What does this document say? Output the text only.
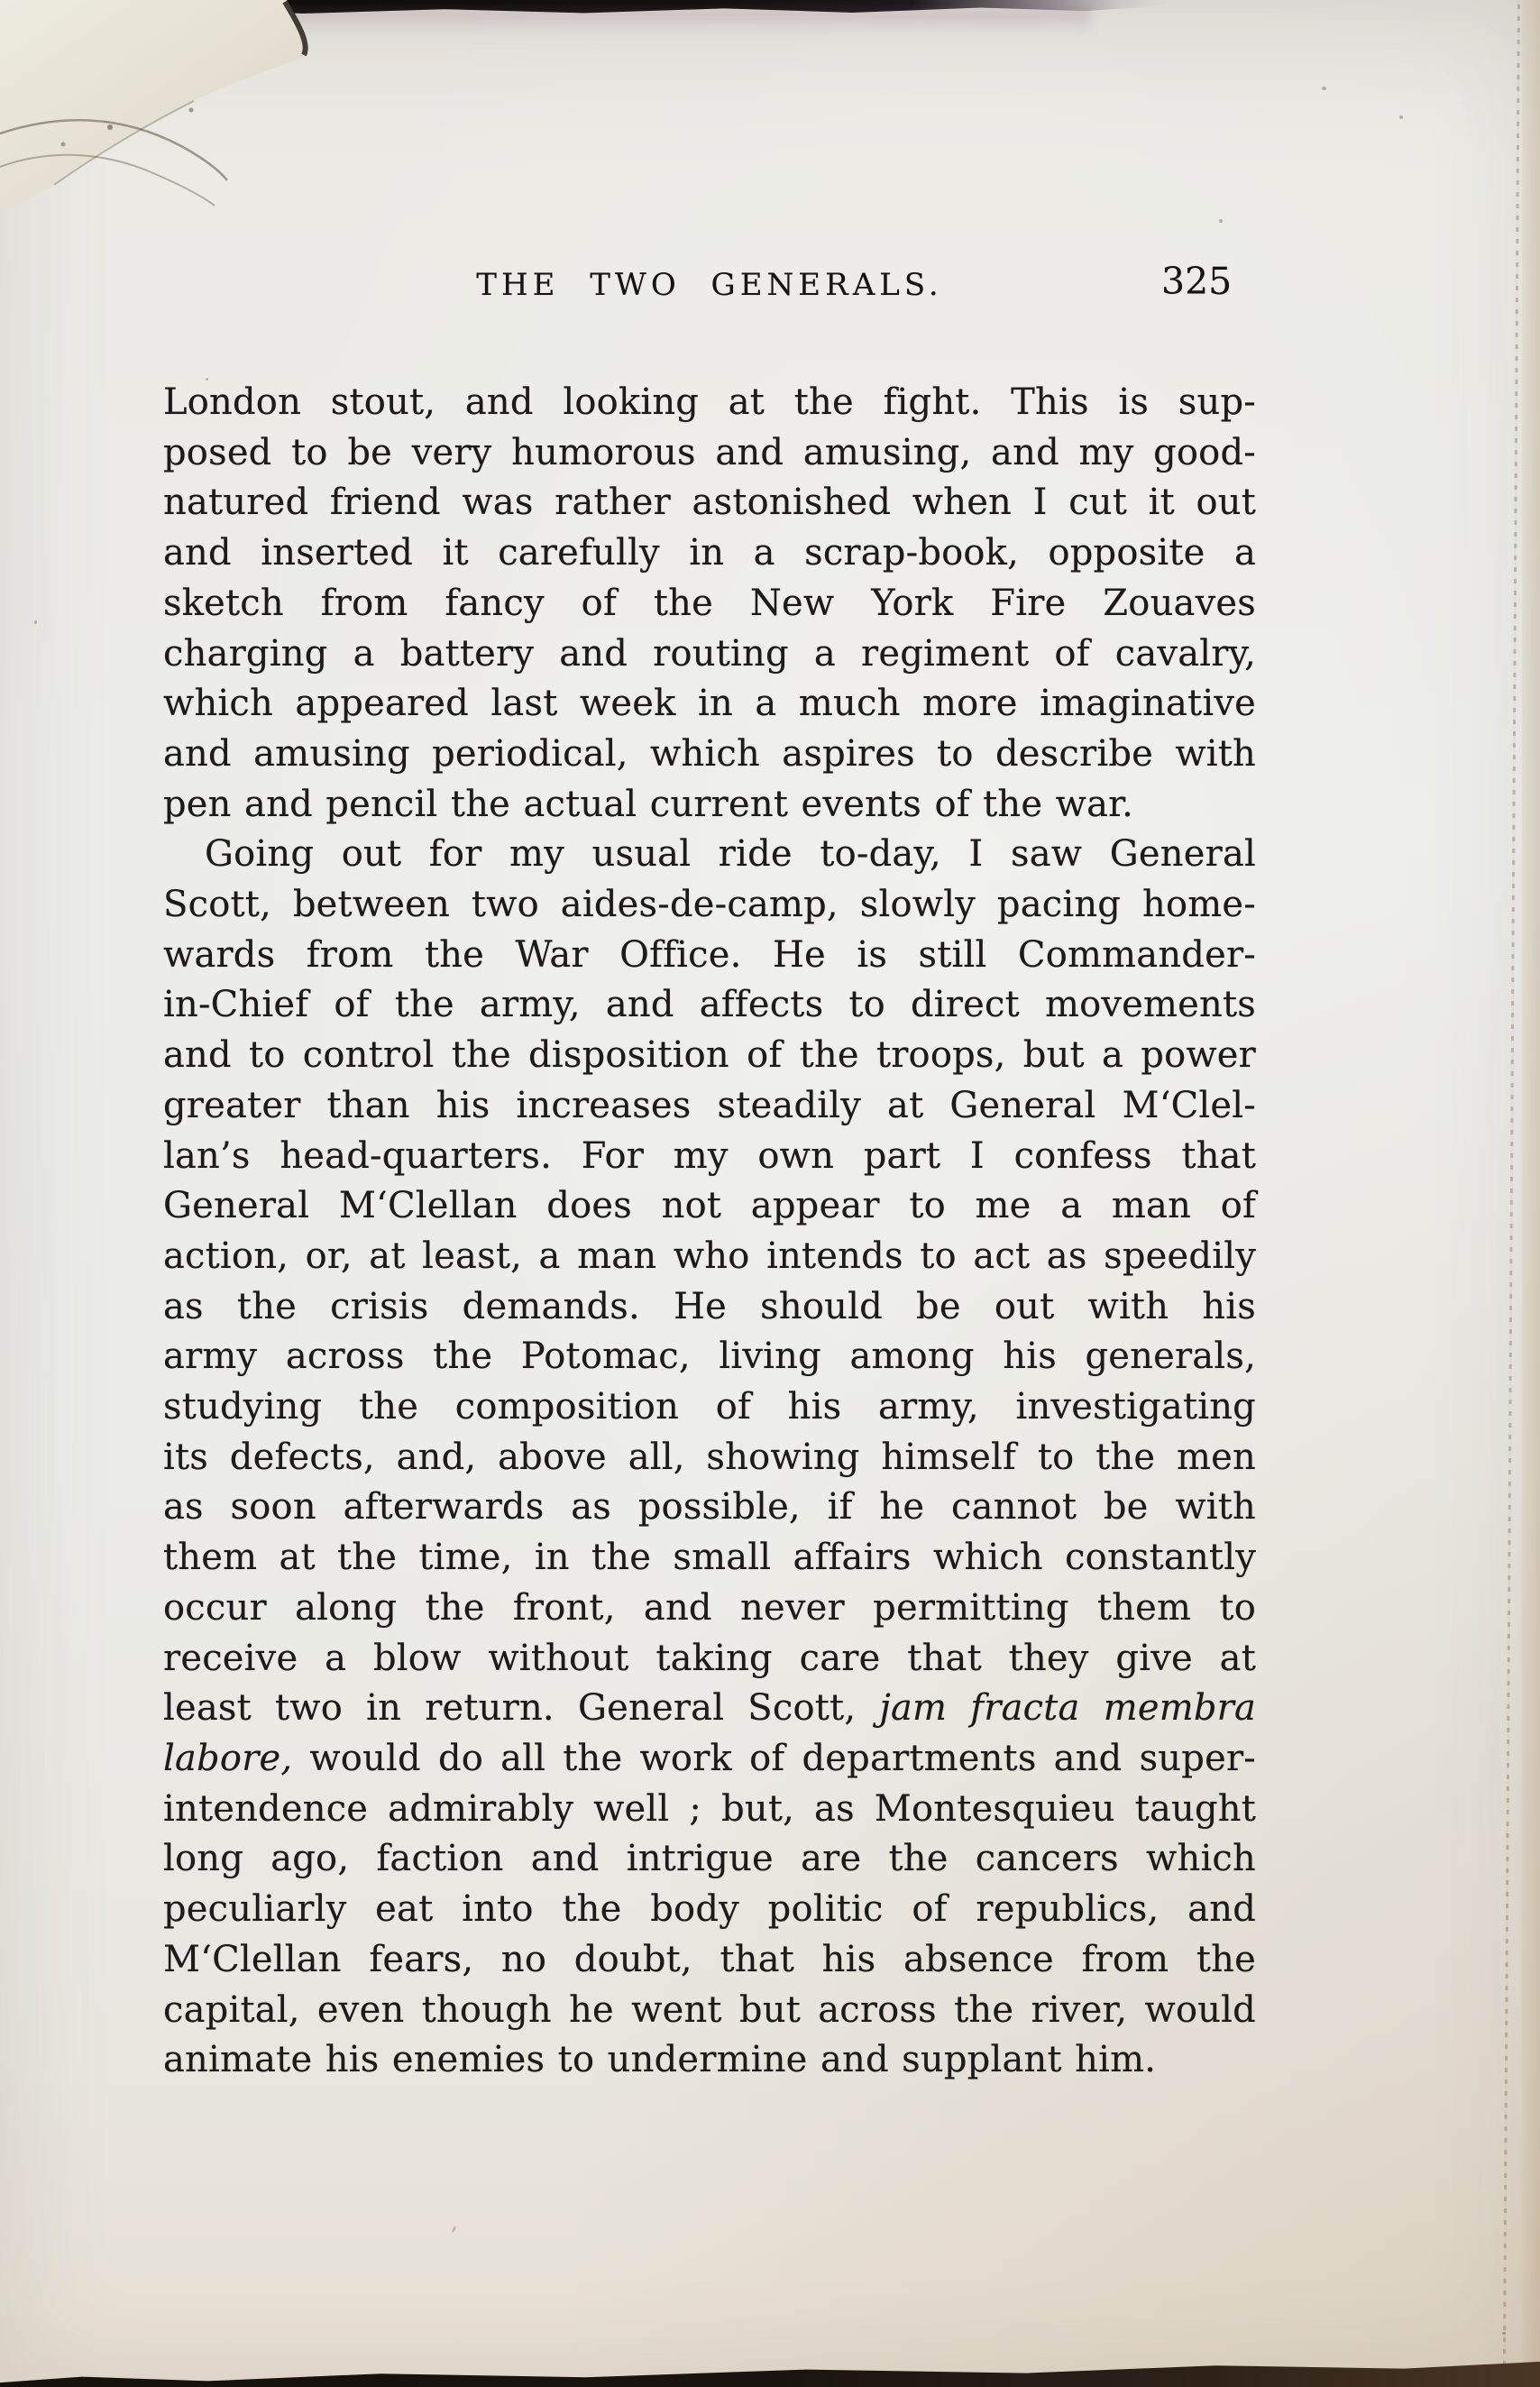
THE TWO GENERALS.	325
London stout, and looking at the fight. This is sup-
posed to be very humorous and amusing, and my good-
natured friend was rather astonished when I cut it out
and inserted it carefully in a scrap-book, opposite a
sketch from fancy of the New York Fire Zouaves
charging a battery and routing a regiment of cavalry,
which appeared last week in a much more imaginative
and amusing periodical, which aspires to describe with
pen and pencil the actual current events of the war.
Going out for my usual ride to-day, I saw General
Scott, between two aides-de-camp, slowly pacing home-
wards from the War Office. He is still Commander-
in-Chief of the army, and affects to direct movements
and to control the disposition of the troops, but a power
greater than his increases steadily at General M‘Clel-
lan’s head-quarters. For my own part I confess that
General M‘Clellan does not appear to me a man of
action, or, at least, a man who intends to act as speedily
as the crisis demands. He should be out with his
army across the Potomac, living among his generals,
studying the composition of his army, investigating
its defects, and, above all, showing himself to the men
as soon afterwards as possible, if he cannot be with
them at the time, in the small affairs which constantly
occur along the front, and never permitting them to
receive a blow without taking care that they give at
least two in return. General Scott, jam fracta membra
labore, would do all the work of departments and super-
intendence admirably well ; but, as Montesquieu taught
long ago, faction and intrigue are the cancers which
peculiarly eat into the body politic of republics, and
M‘Clellan fears, no doubt, that his absence from the
capital, even though he went but across the river, would
animate his enemies to undermine and supplant him.
